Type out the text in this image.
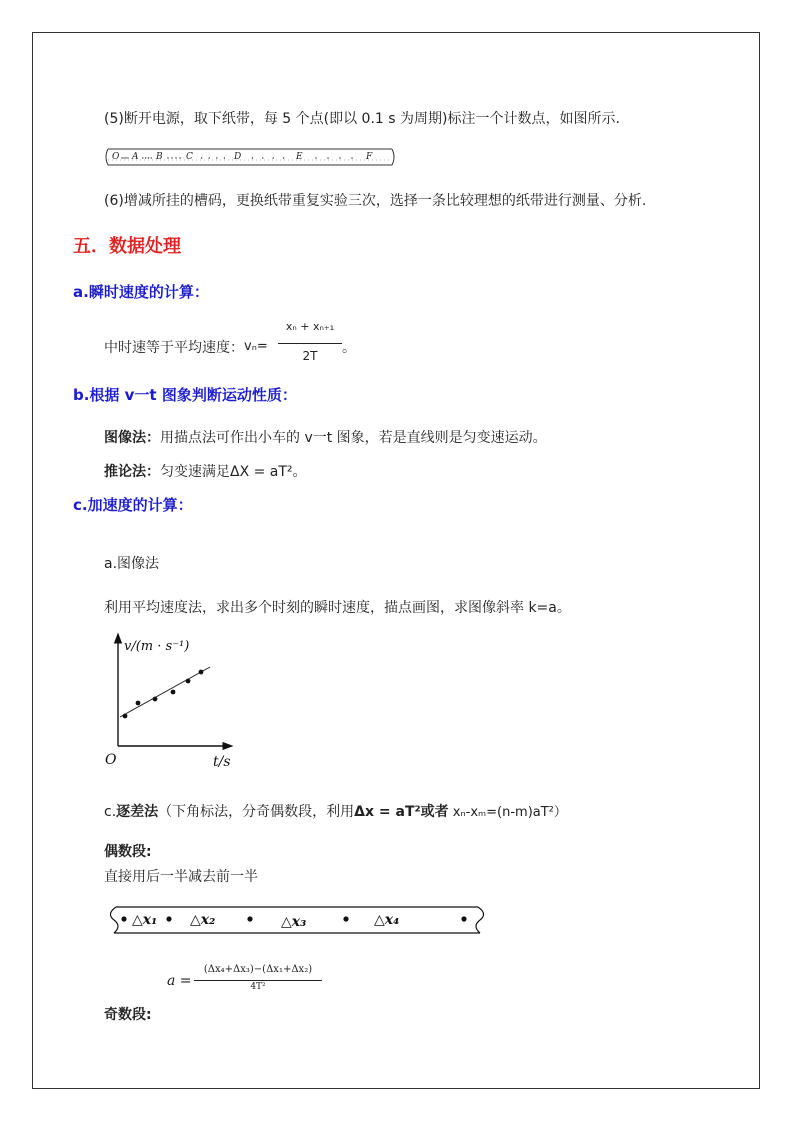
(5)断开电源，取下纸带，每 5 个点(即以 0.1 s 为周期)标注一个计数点，如图所示.
O A B	C	D	E	F
(6)增减所挂的槽码，更换纸带重复实验三次，选择一条比较理想的纸带进行测量、分析.
五．数据处理
a.瞬时速度的计算：
中时速等于平均速度： vₙ=
xₙ + xₙ₊₁
2T	。
b.根据 v一t 图象判断运动性质：
图像法：用描点法可作出小车的 v一t 图象，若是直线则是匀变速运动。
推论法：匀变速满足ΔX = aT²。
c.加速度的计算：
a.图像法
利用平均速度法，求出多个时刻的瞬时速度，描点画图，求图像斜率 k=a。
v/(m · s⁻¹)
t/s
O
c.逐差法（下角标法，分奇偶数段，利用Δx = aT²或者 xₙ-xₘ=(n-m)aT²）
偶数段:
直接用后一半减去前一半
△x₁ △x₂	△x₃	△x₄
a =
(Δx₄+Δx₃)−(Δx₁+Δx₂)
4T²
奇数段:
